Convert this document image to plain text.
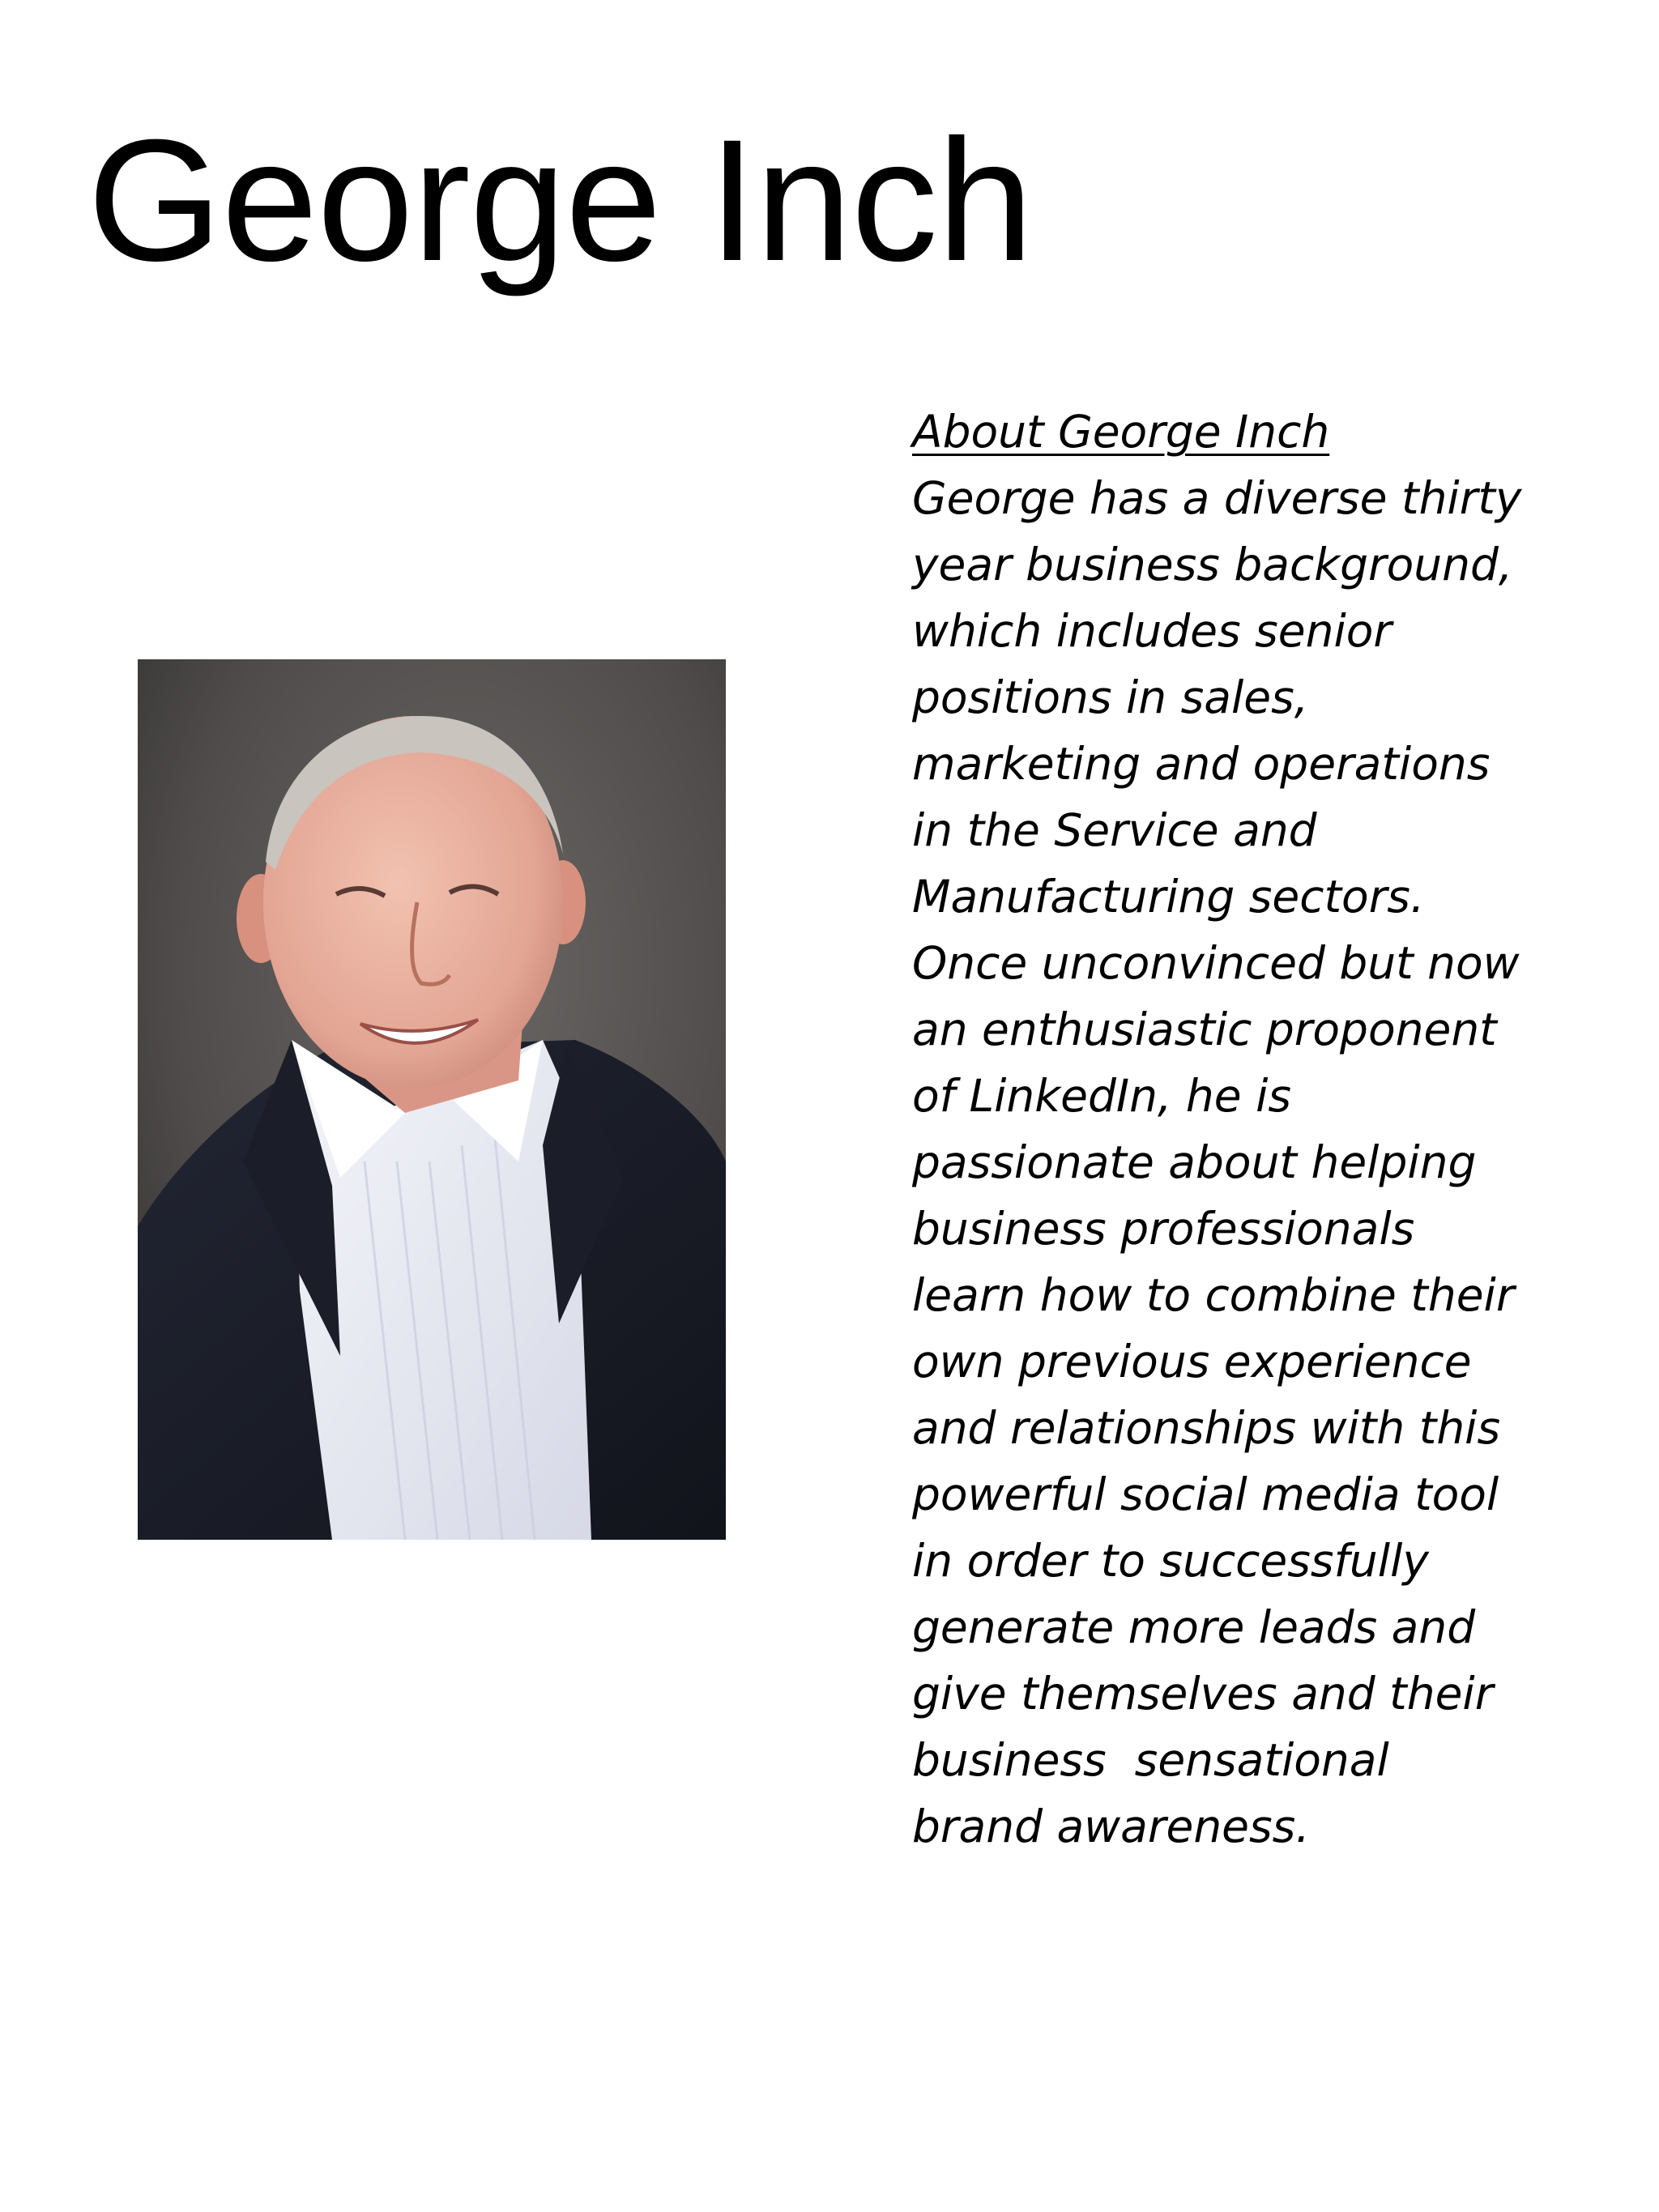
George Inch
About George Inch
George has a diverse thirty
year business background,
which includes senior
positions in sales,
marketing and operations
in the Service and
Manufacturing sectors.
Once unconvinced but now
an enthusiastic proponent
of LinkedIn, he is
passionate about helping
business professionals
learn how to combine their
own previous experience
and relationships with this
powerful social media tool
in order to successfully
generate more leads and
give themselves and their
business  sensational
brand awareness.
